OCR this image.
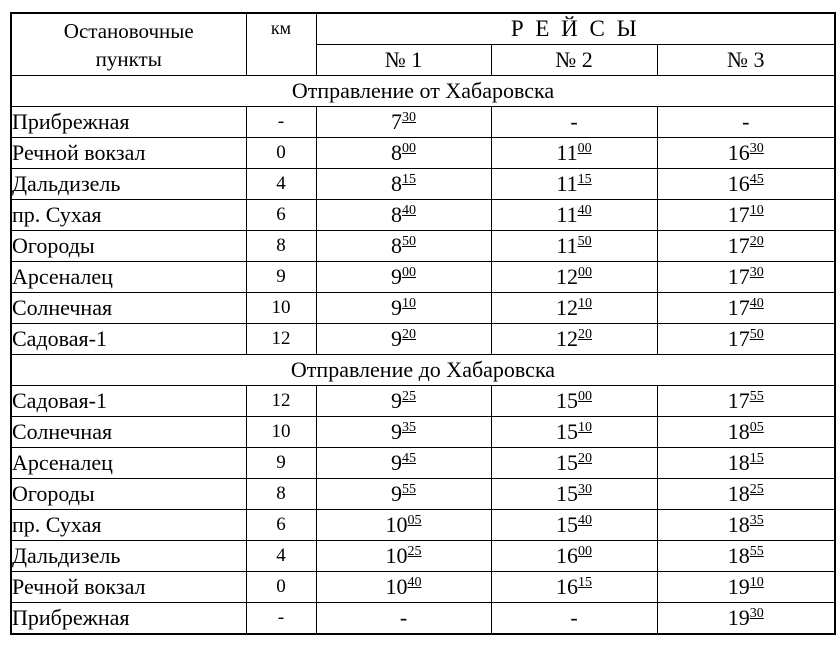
Остановочные
пункты	км	Р Е Й С Ы		
		№ 1	№ 2	№ 3
Отправление от Хабаровска				
Прибрежная	-	$7^{30}$	-	-
Речной вокзал	0	$8^{00}$	$11^{00}$	$16^{30}$
Дальдизель	4	$8^{15}$	$11^{15}$	$16^{45}$
пр. Сухая	6	$8^{40}$	$11^{40}$	$17^{10}$
Огороды	8	$8^{50}$	$11^{50}$	$17^{20}$
Арсеналец	9	$9^{00}$	$12^{00}$	$17^{30}$
Солнечная	10	$9^{10}$	$12^{10}$	$17^{40}$
Садовая-1	12	$9^{20}$	$12^{20}$	$17^{50}$
Отправление до Хабаровска				
Садовая-1	12	$9^{25}$	$15^{00}$	$17^{55}$
Солнечная	10	$9^{35}$	$15^{10}$	$18^{05}$
Арсеналец	9	$9^{45}$	$15^{20}$	$18^{15}$
Огороды	8	$9^{55}$	$15^{30}$	$18^{25}$
пр. Сухая	6	$10^{05}$	$15^{40}$	$18^{35}$
Дальдизель	4	$10^{25}$	$16^{00}$	$18^{55}$
Речной вокзал	0	$10^{40}$	$16^{15}$	$19^{10}$
Прибрежная	-	-	-	$19^{30}$
